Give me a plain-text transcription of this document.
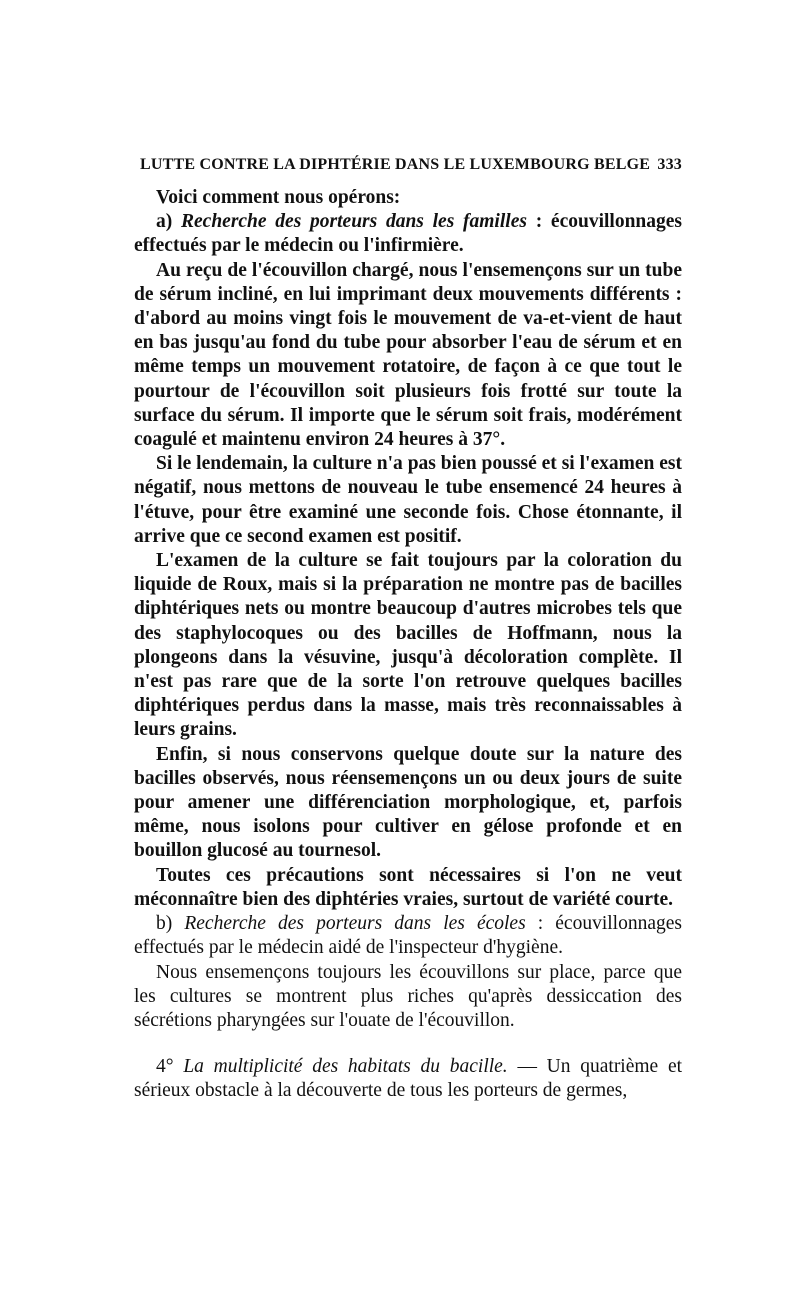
LUTTE CONTRE LA DIPHTÉRIE DANS LE LUXEMBOURG BELGE 333

Voici comment nous opérons:

a) Recherche des porteurs dans les familles : écouvillonnages effectués par le médecin ou l'infirmière.

Au reçu de l'écouvillon chargé, nous l'ensemençons sur un tube de sérum incliné, en lui imprimant deux mouvements différents : d'abord au moins vingt fois le mouvement de va-et-vient de haut en bas jusqu'au fond du tube pour absorber l'eau de sérum et en même temps un mouvement rotatoire, de façon à ce que tout le pourtour de l'écouvillon soit plusieurs fois frotté sur toute la surface du sérum. Il importe que le sérum soit frais, modérément coagulé et maintenu environ 24 heures à 37°.

Si le lendemain, la culture n'a pas bien poussé et si l'examen est négatif, nous mettons de nouveau le tube ensemencé 24 heures à l'étuve, pour être examiné une seconde fois. Chose étonnante, il arrive que ce second examen est positif.

L'examen de la culture se fait toujours par la coloration du liquide de Roux, mais si la préparation ne montre pas de bacilles diphtériques nets ou montre beaucoup d'autres microbes tels que des staphylocoques ou des bacilles de Hoffmann, nous la plongeons dans la vésuvine, jusqu'à décoloration complète. Il n'est pas rare que de la sorte l'on retrouve quelques bacilles diphtériques perdus dans la masse, mais très reconnaissables à leurs grains.

Enfin, si nous conservons quelque doute sur la nature des bacilles observés, nous réensemençons un ou deux jours de suite pour amener une différenciation morphologique, et, parfois même, nous isolons pour cultiver en gélose profonde et en bouillon glucosé au tournesol.

Toutes ces précautions sont nécessaires si l'on ne veut méconnaître bien des diphtéries vraies, surtout de variété courte.

b) Recherche des porteurs dans les écoles : écouvillonnages effectués par le médecin aidé de l'inspecteur d'hygiène.

Nous ensemençons toujours les écouvillons sur place, parce que les cultures se montrent plus riches qu'après dessiccation des sécrétions pharyngées sur l'ouate de l'écouvillon.

4° La multiplicité des habitats du bacille. — Un quatrième et sérieux obstacle à la découverte de tous les porteurs de germes,
